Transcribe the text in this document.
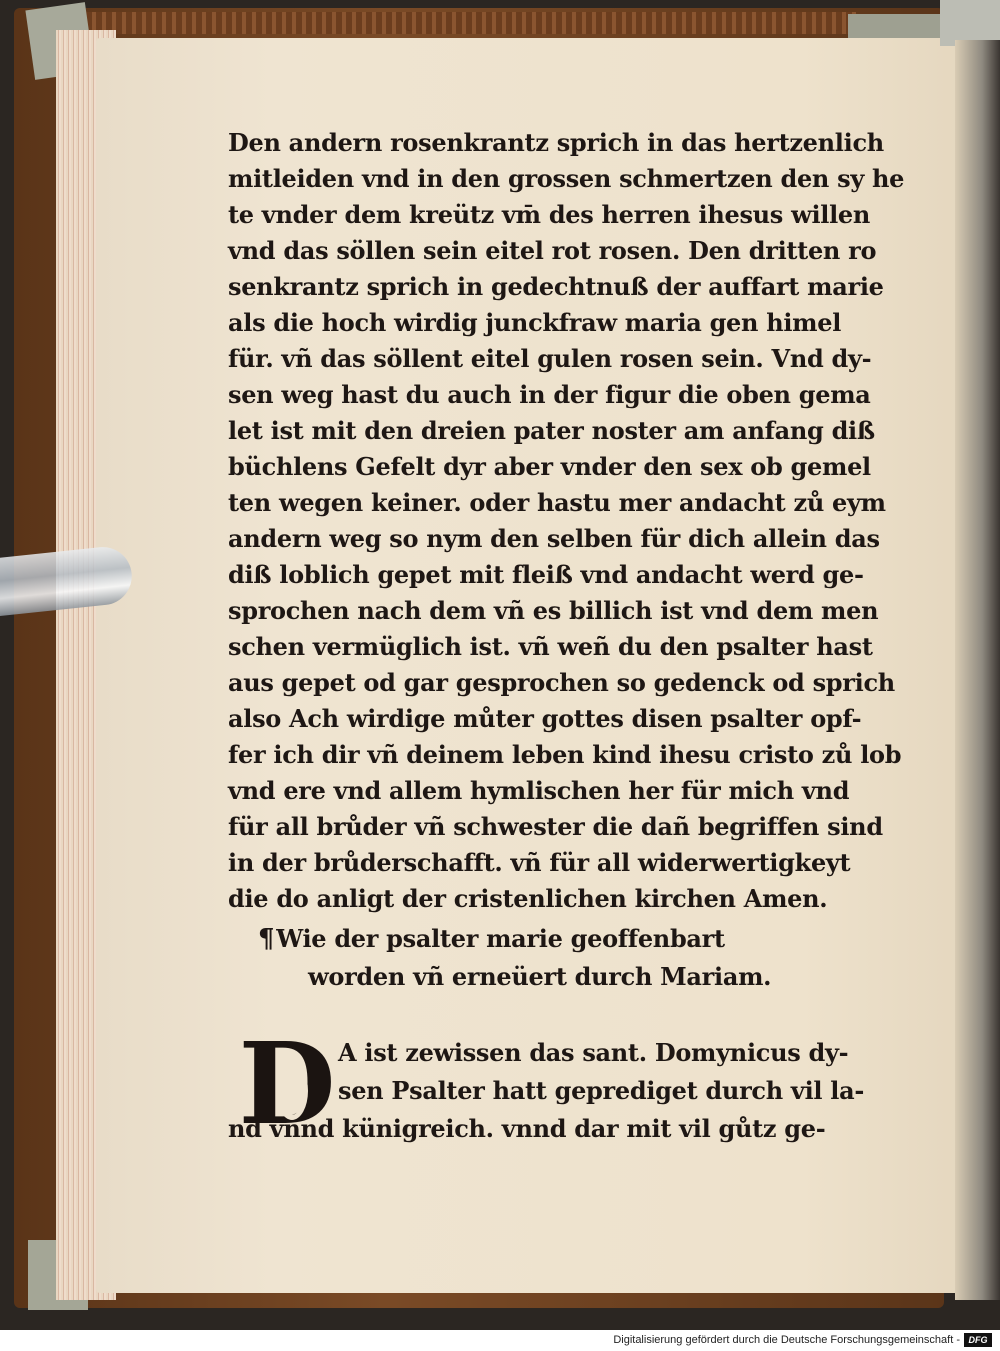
Den andern rosenkrantz sprich in das hertzenlich
mitleiden vnd in den grossen schmertzen den sy he
te vnder dem kreütz vm̄ des herren ihesus willen
vnd das söllen sein eitel rot rosen. Den dritten ro
senkrantz sprich in gedechtnuß der auffart marie
als die hoch wirdig junckfraw maria gen himel
für. vñ das söllent eitel gulen rosen sein. Vnd dy-
sen weg hast du auch in der figur die oben gema
let ist mit den dreien pater noster am anfang diß
büchlens Gefelt dyr aber vnder den sex ob gemel
ten wegen keiner. oder hastu mer andacht zů eym
andern weg so nym den selben für dich allein das
diß loblich gepet mit fleiß vnd andacht werd ge-
sprochen nach dem vñ es billich ist vnd dem men
schen vermüglich ist. vñ weñ du den psalter hast
aus gepet od gar gesprochen so gedenck od sprich
also Ach wirdige můter gottes disen psalter opf-
fer ich dir vñ deinem leben kind ihesu cristo zů lob
vnd ere vnd allem hymlischen her für mich vnd
für all brůder vñ schwester die dañ begriffen sind
in der brůderschafft. vñ für all widerwertigkeyt
die do anligt der cristenlichen kirchen Amen.
¶Wie der psalter marie geoffenbart
worden vñ erneüert durch Mariam.
A ist zewissen das sant. Domynicus dy-
sen Psalter hatt geprediget durch vil la-
nd vnnd künigreich. vnnd dar mit vil gůtz ge-
D
Digitalisierung gefördert durch die Deutsche Forschungsgemeinschaft - DFG
